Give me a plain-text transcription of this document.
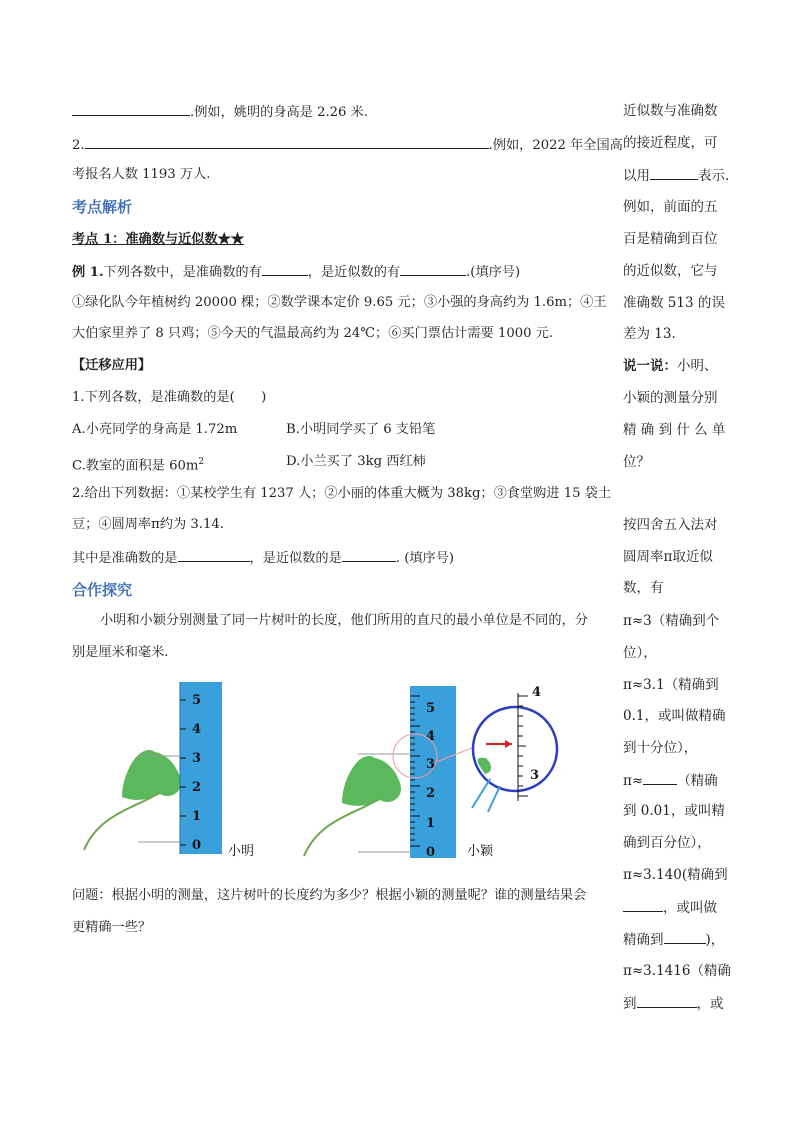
.例如，姚明的身高是 2.26 米.
2.	.例如，2022 年全国高
考报名人数 1193 万人.
考点解析
考点 1：准确数与近似数★★
例 1.下列各数中，是准确数的有	，是近似数的有	.(填序号)
①绿化队今年植树约 20000 棵；②数学课本定价 9.65 元；③小强的身高约为 1.6m；④王
大伯家里养了 8 只鸡；⑤今天的气温最高约为 24℃；⑥买门票估计需要 1000 元.
【迁移应用】
1.下列各数，是准确数的是(　　)
A.小亮同学的身高是 1.72m	B.小明同学买了 6 支铅笔
C.教室的面积是 $60m^2$	D.小兰买了 3kg 西红柿
2.给出下列数据：①某校学生有 1237 人；②小丽的体重大概为 38kg；③食堂购进 15 袋土
豆；④圆周率π约为 3.14.
其中是准确数的是	，是近似数的是	. (填序号)
合作探究
小明和小颖分别测量了同一片树叶的长度，他们所用的直尺的最小单位是不同的，分
别是厘米和毫米.
5
4
3
2
1
0 小明
5
4
3
2
1
0
4
3
小颖
问题：根据小明的测量，这片树叶的长度约为多少？根据小颖的测量呢？谁的测量结果会
更精确一些？
近似数与准确数
的接近程度，可
以用	表示.
例如，前面的五
百是精确到百位
的近似数，它与
准确数 513 的误
差为 13.
说一说：小明、
小颖的测量分别
精 确 到 什 么 单
位？
按四舍五入法对
圆周率π取近似
数，有
π≈3（精确到个
位），
π≈3.1（精确到
0.1，或叫做精确
到十分位），
π≈	（精确
到 0.01，或叫精
确到百分位），
π≈3.140(精确到
，或叫做
精确到	)，
π≈3.1416（精确
到	，或
